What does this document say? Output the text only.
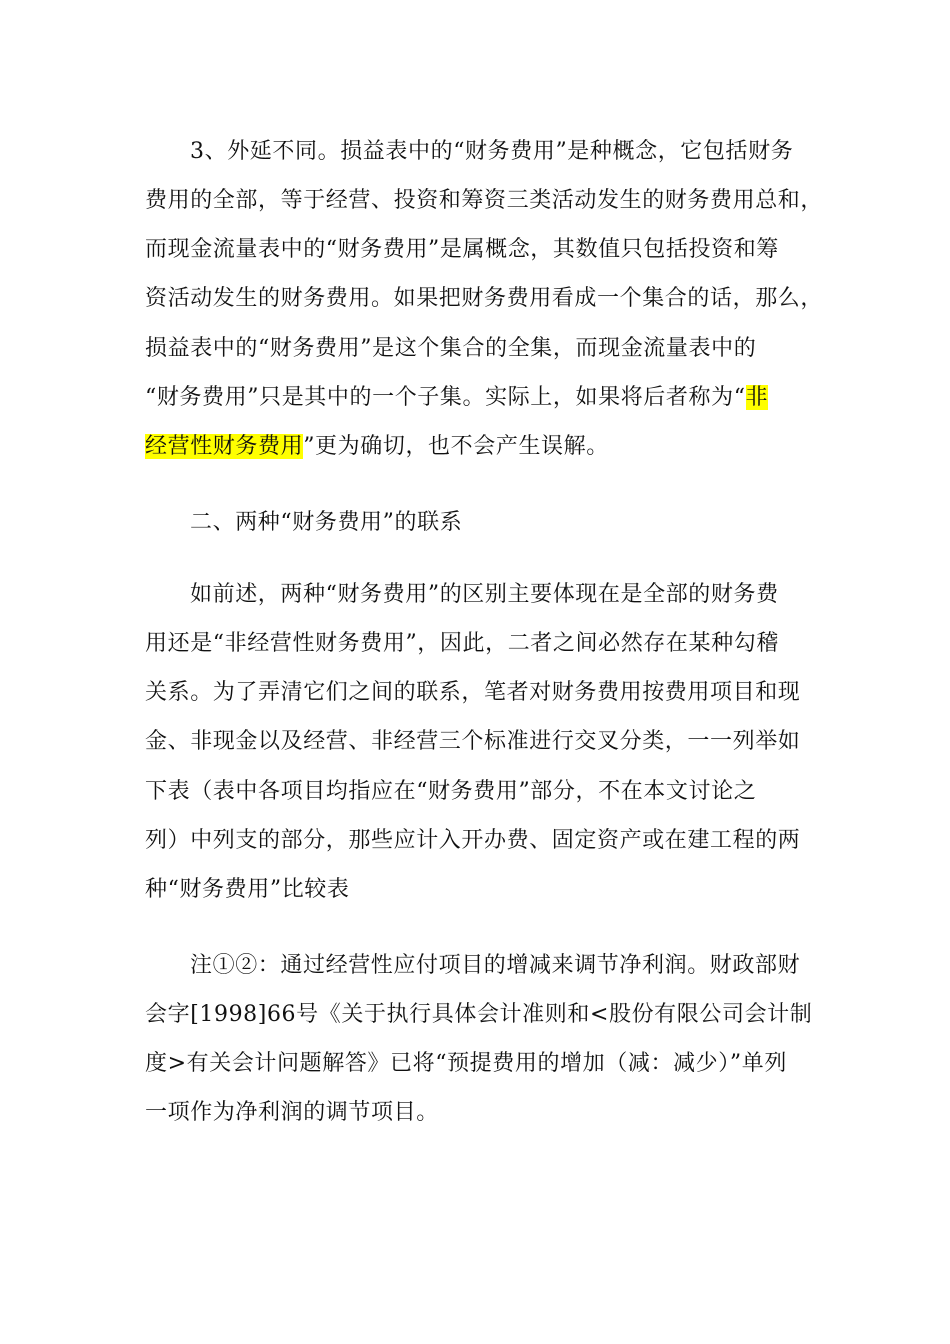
3、外延不同。损益表中的“财务费用”是种概念，它包括财务
费用的全部，等于经营、投资和筹资三类活动发生的财务费用总和，
而现金流量表中的“财务费用”是属概念，其数值只包括投资和筹
资活动发生的财务费用。如果把财务费用看成一个集合的话，那么，
损益表中的“财务费用”是这个集合的全集，而现金流量表中的
“财务费用”只是其中的一个子集。实际上，如果将后者称为“非
经营性财务费用”更为确切，也不会产生误解。
二、两种“财务费用”的联系
如前述，两种“财务费用”的区别主要体现在是全部的财务费
用还是“非经营性财务费用”，因此，二者之间必然存在某种勾稽
关系。为了弄清它们之间的联系，笔者对财务费用按费用项目和现
金、非现金以及经营、非经营三个标准进行交叉分类，一一列举如
下表（表中各项目均指应在“财务费用”部分，不在本文讨论之
列）中列支的部分，那些应计入开办费、固定资产或在建工程的两
种“财务费用”比较表
注①②：通过经营性应付项目的增减来调节净利润。财政部财
会字[1998]66号《关于执行具体会计准则和<股份有限公司会计制
度>有关会计问题解答》已将“预提费用的增加（减：减少）”单列
一项作为净利润的调节项目。
